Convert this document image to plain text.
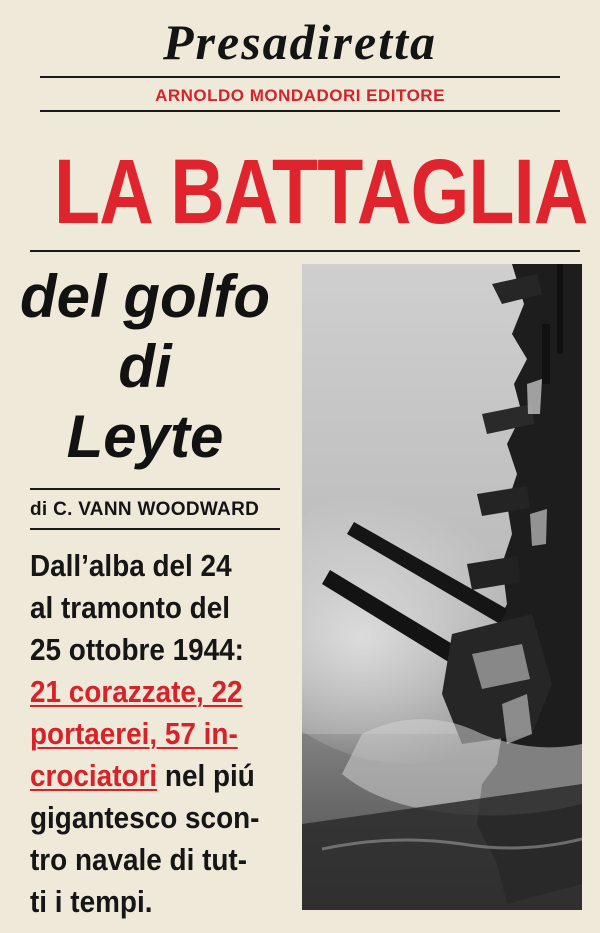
Presadiretta
ARNOLDO MONDADORI EDITORE
LA BATTAGLIA
del golfo
di
Leyte
di C. VANN WOODWARD
Dall’alba del 24
al tramonto del
25 ottobre 1944:
21 corazzate, 22
portaerei, 57 in-
crociatori nel piú
gigantesco scon-
tro navale di tut-
ti i tempi.
